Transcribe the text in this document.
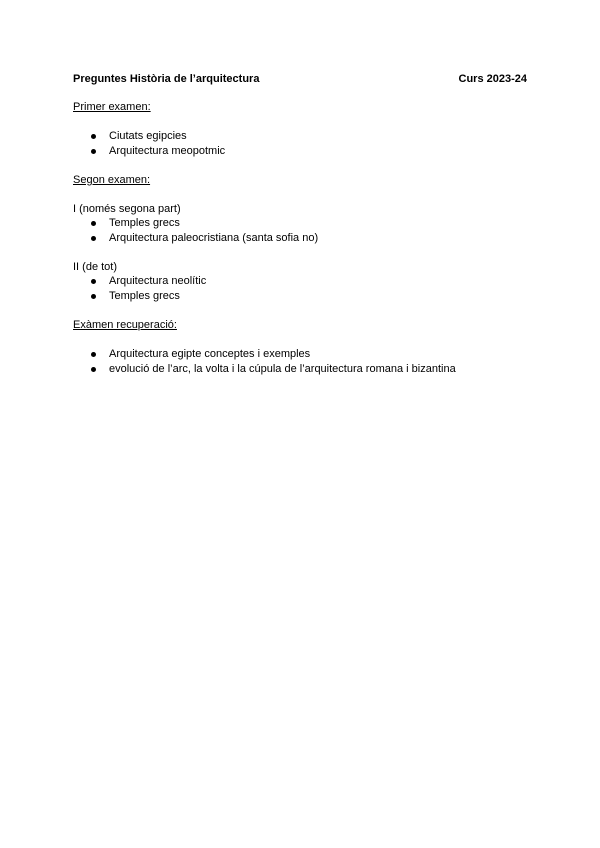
Preguntes Història de l’arquitectura	Curs 2023-24

Primer examen:

Ciutats egipcies
Arquitectura meopotmic

Segon examen:

I (només segona part)

Temples grecs
Arquitectura paleocristiana (santa sofia no)

II (de tot)

Arquitectura neolític
Temples grecs

Exàmen recuperació:

Arquitectura egipte conceptes i exemples
evolució de l’arc, la volta i la cúpula de l’arquitectura romana i bizantina
